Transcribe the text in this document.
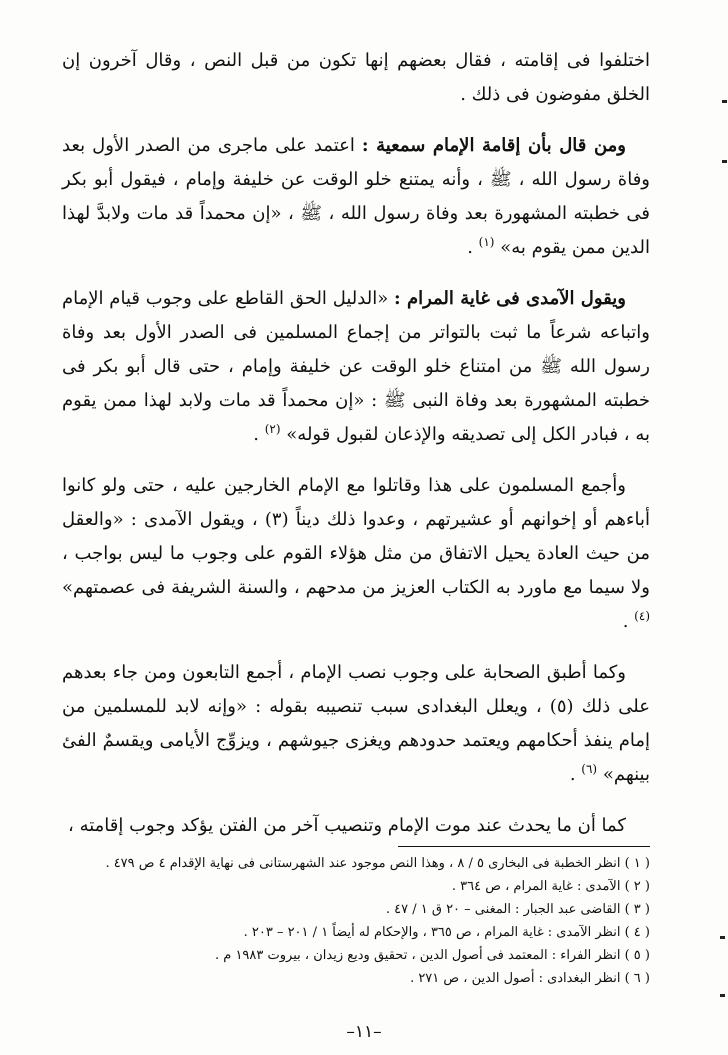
اختلفوا فى إقامته ، فقال بعضهم إنها تكون من قبل النص ، وقال آخرون إن الخلق مفوضون فى ذلك .

ومن قال بأن إقامة الإمام سمعية : اعتمد على ماجرى من الصدر الأول بعد وفاة رسول الله ، ﷺ ، وأنه يمتنع خلو الوقت عن خليفة وإمام ، فيقول أبو بكر فى خطبته المشهورة بعد وفاة رسول الله ، ﷺ ، «إن محمداً قد مات ولابدَّ لهذا الدين ممن يقوم به» $^{(١)}$ .

ويقول الآمدى فى غاية المرام : «الدليل الحق القاطع على وجوب قيام الإمام واتباعه شرعاً ما ثبت بالتواتر من إجماع المسلمين فى الصدر الأول بعد وفاة رسول الله ﷺ من امتناع خلو الوقت عن خليفة وإمام ، حتى قال أبو بكر فى خطبته المشهورة بعد وفاة النبى ﷺ : «إن محمداً قد مات ولابد لهذا ممن يقوم به ، فبادر الكل إلى تصديقه والإذعان لقبول قوله» $^{(٢)}$ .

وأجمع المسلمون على هذا وقاتلوا مع الإمام الخارجين عليه ، حتى ولو كانوا أباءهم أو إخوانهم أو عشيرتهم ، وعدوا ذلك ديناً (٣) ، ويقول الآمدى : «والعقل من حيث العادة يحيل الاتفاق من مثل هؤلاء القوم على وجوب ما ليس بواجب ، ولا سيما مع ماورد به الكتاب العزيز من مدحهم ، والسنة الشريفة فى عصمتهم» $^{(٤)}$ .

وكما أطبق الصحابة على وجوب نصب الإمام ، أجمع التابعون ومن جاء بعدهم على ذلك (٥) ، ويعلل البغدادى سبب تنصيبه بقوله : «وإنه لابد للمسلمين من إمام ينفذ أحكامهم ويعتمد حدودهم ويغزى جيوشهم ، ويزوِّج الأيامى ويقسمٌ الفئ بينهم» $^{(٦)}$ .

كما أن ما يحدث عند موت الإمام وتنصيب آخر من الفتن يؤكد وجوب إقامته ،

( ١ ) انظر الخطبة فى البخارى ٥ / ٨ ، وهذا النص موجود عند الشهرستانى فى نهاية الإقدام ٤ ص ٤٧٩ .
( ٢ ) الآمدى : غاية المرام ، ص ٣٦٤ .
( ٣ ) القاضى عبد الجبار : المغنى – ٢٠ ق ١ / ٤٧ .
( ٤ ) انظر الآمدى : غاية المرام ، ص ٣٦٥ ، والإحكام له أيضاً ١ / ٢٠١ – ٢٠٣ .
( ٥ ) انظر الفراء : المعتمد فى أصول الدين ، تحقيق وديع زيدان ، بيروت ١٩٨٣ م .
( ٦ ) انظر البغدادى : أصول الدين ، ص ٢٧١ .
–١١–
